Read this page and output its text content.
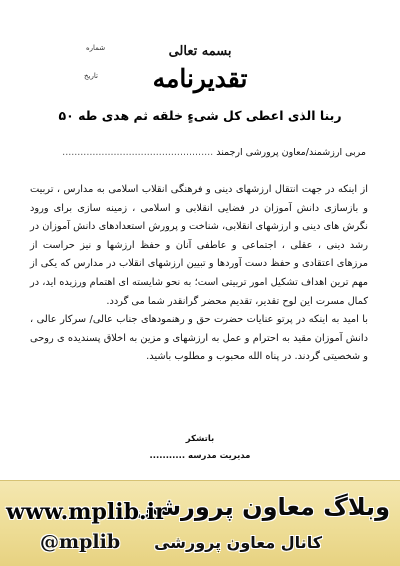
بسمه تعالی
شماره
تاریخ	تقدیرنامه
ربنا الذی اعطی کل شیءٍ خلقه ثم هدی طه ۵۰
مربی ارزشمند/معاون پرورشی ارجمند ..................................................

از اینکه در جهت انتقال ارزشهای دینی و فرهنگی انقلاب اسلامی به مدارس ، تربیت و بازسازی دانش آموزان در فضایی انقلابی و اسلامی ، زمینه سازی برای ورود نگرش های دینی و ارزشهای انقلابی، شناخت و پرورش استعدادهای دانش آموزان در رشد دینی ، عقلی ، اجتماعی و عاطفی آنان و حفظ ارزشها و نیز حراست از مرزهای اعتقادی و حفظ دست آوردها و تبیین ارزشهای انقلاب در مدارس که یکی از مهم ترین اهداف تشکیل امور تربیتی است؛ به نحو شایسته ای اهتمام ورزیده اید، در کمال مسرت این لوح تقدیر، تقدیم محضر گرانقدر شما می گردد.

با امید به اینکه در پرتو عنایات حضرت حق و رهنمودهای جناب عالی/ سرکار عالی ، دانش آموزان مقید به احترام و عمل به ارزشهای و مزین به اخلاق پسندیده ی روحی و شخصیتی گردند. در پناه الله محبوب و مطلوب باشید.

باتشکر
مدیریت مدرسه ...........
وبلاگ معاون پرورشی
www.mplib.ir
کانال معاون پرورشی
@mplib
